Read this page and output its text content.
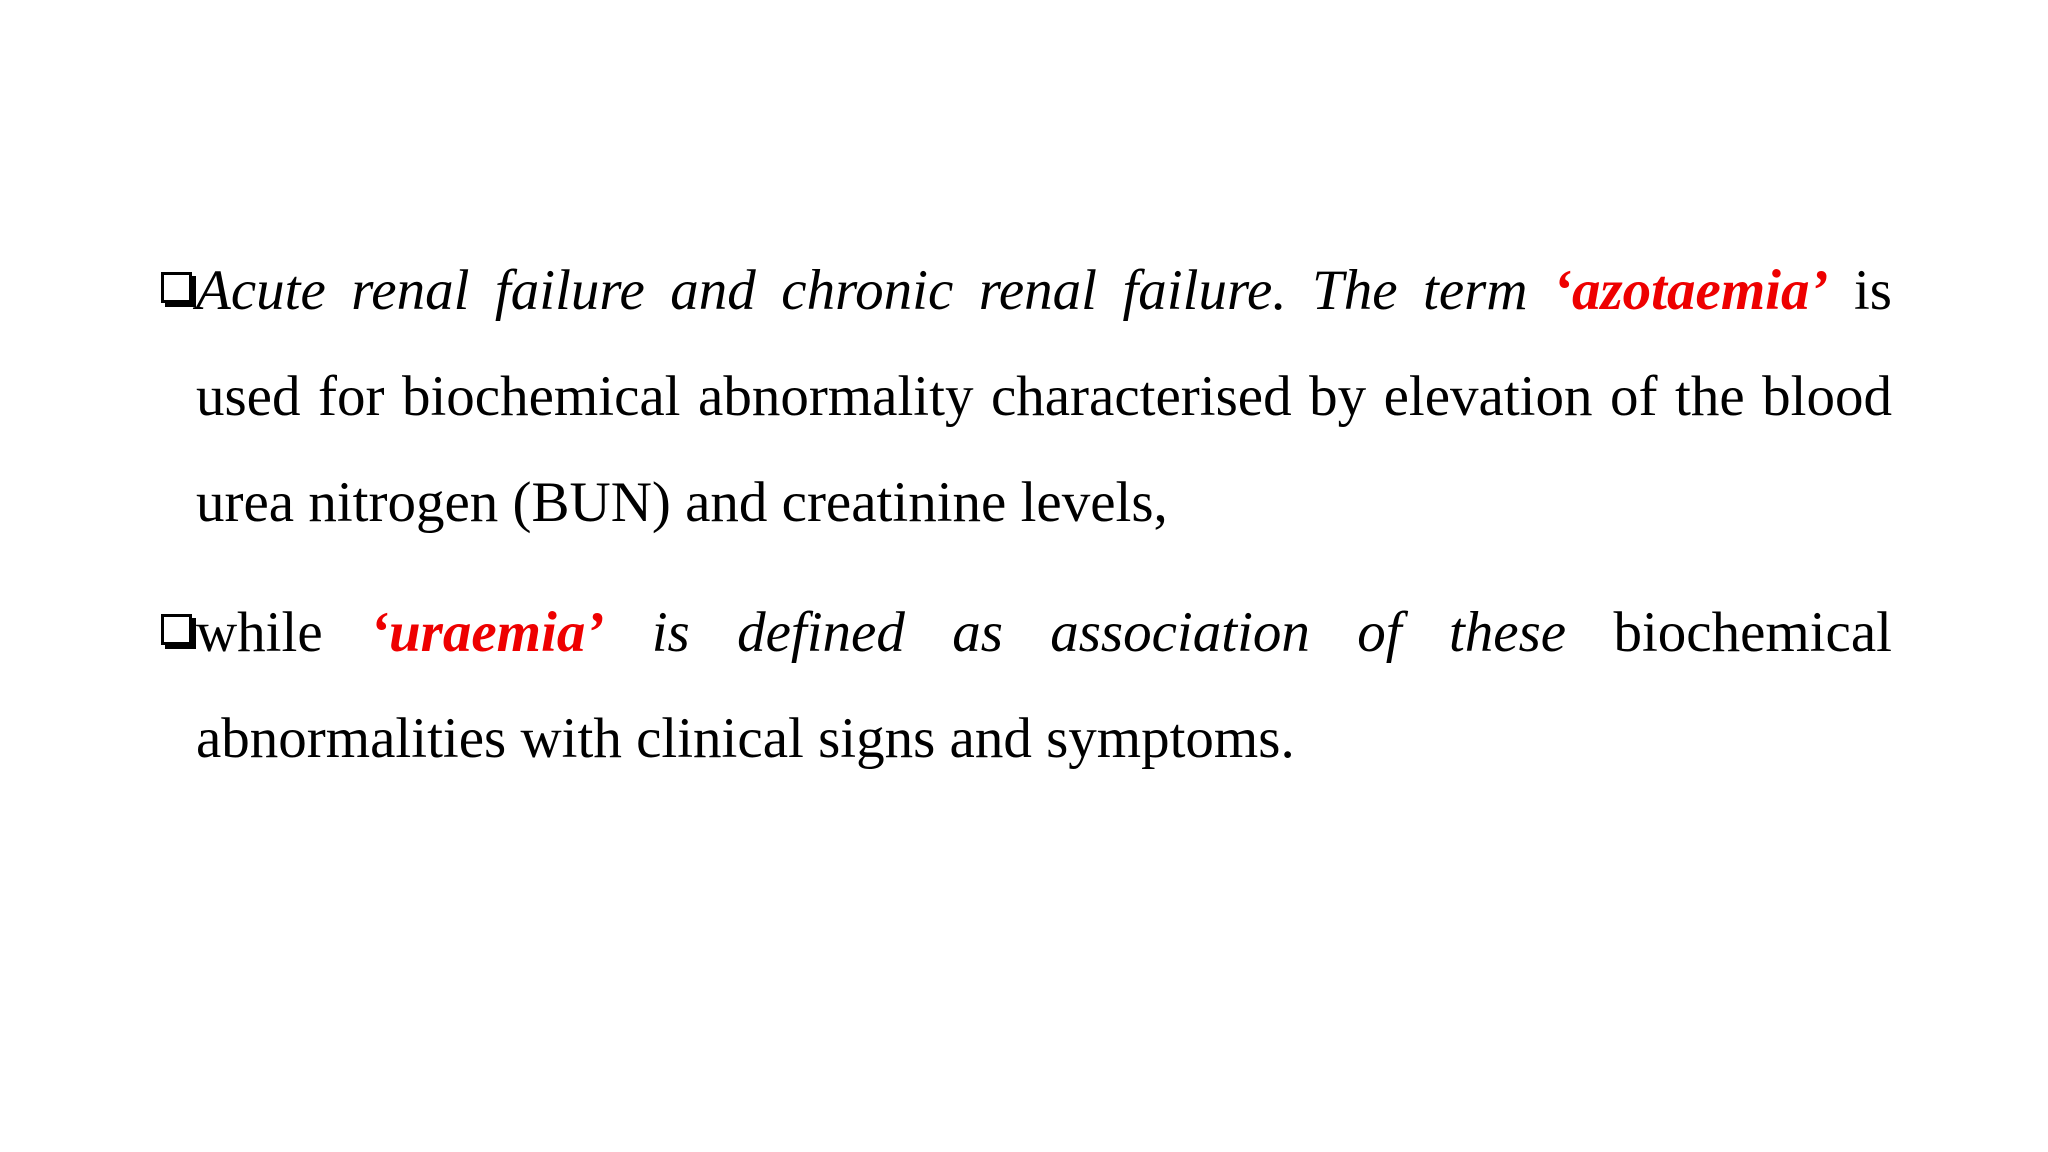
Acute renal failure and chronic renal failure. The term ‘azotaemia’ is used for biochemical abnormality characterised by elevation of the blood urea nitrogen (BUN) and creatinine levels,
while ‘uraemia’ is defined as association of these biochemical abnormalities with clinical signs and symptoms.
